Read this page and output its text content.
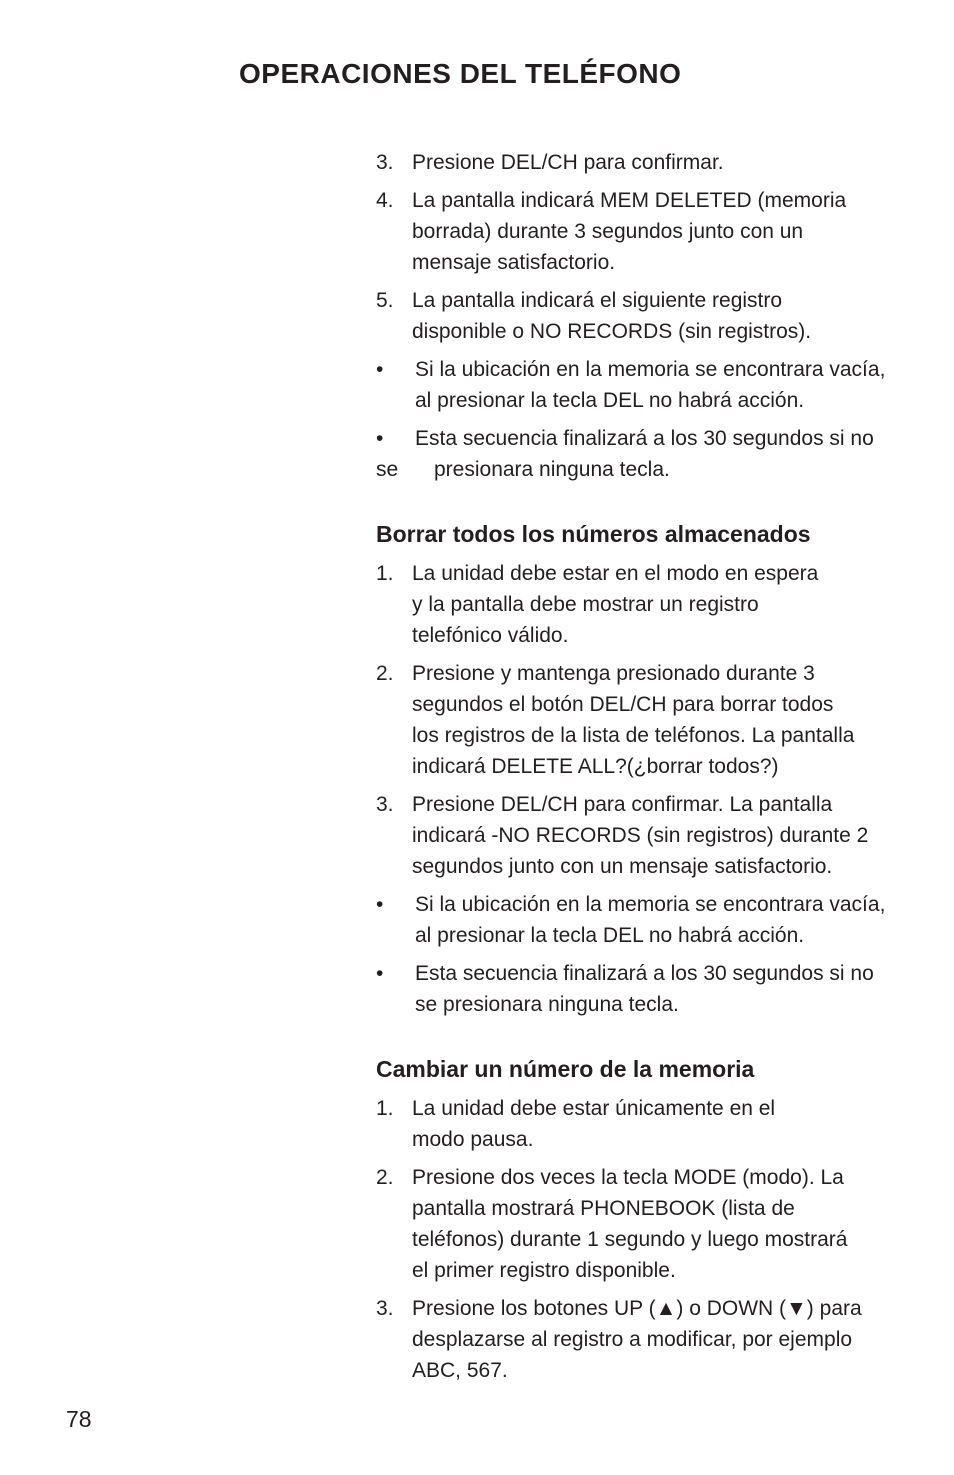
OPERACIONES DEL TELÉFONO
3. Presione DEL/CH para confirmar.
4. La pantalla indicará MEM DELETED (memoria
borrada) durante 3 segundos junto con un
mensaje satisfactorio.
5. La pantalla indicará el siguiente registro
disponible o NO RECORDS (sin registros).
• Si la ubicación en la memoria se encontrara vacía,
al presionar la tecla DEL no habrá acción.
• Esta secuencia finalizará a los 30 segundos si no
se	presionara ninguna tecla.
Borrar todos los números almacenados
1. La unidad debe estar en el modo en espera
y la pantalla debe mostrar un registro
telefónico válido.
2. Presione y mantenga presionado durante 3
segundos el botón DEL/CH para borrar todos
los registros de la lista de teléfonos. La pantalla
indicará DELETE ALL?(¿borrar todos?)
3. Presione DEL/CH para confirmar. La pantalla
indicará -NO RECORDS (sin registros) durante 2
segundos junto con un mensaje satisfactorio.
• Si la ubicación en la memoria se encontrara vacía,
al presionar la tecla DEL no habrá acción.
• Esta secuencia finalizará a los 30 segundos si no
se presionara ninguna tecla.
Cambiar un número de la memoria
1. La unidad debe estar únicamente en el
modo pausa.
2. Presione dos veces la tecla MODE (modo). La
pantalla mostrará PHONEBOOK (lista de
teléfonos) durante 1 segundo y luego mostrará
el primer registro disponible.
3. Presione los botones UP (▲) o DOWN (▼) para
desplazarse al registro a modificar, por ejemplo
ABC, 567.
78
